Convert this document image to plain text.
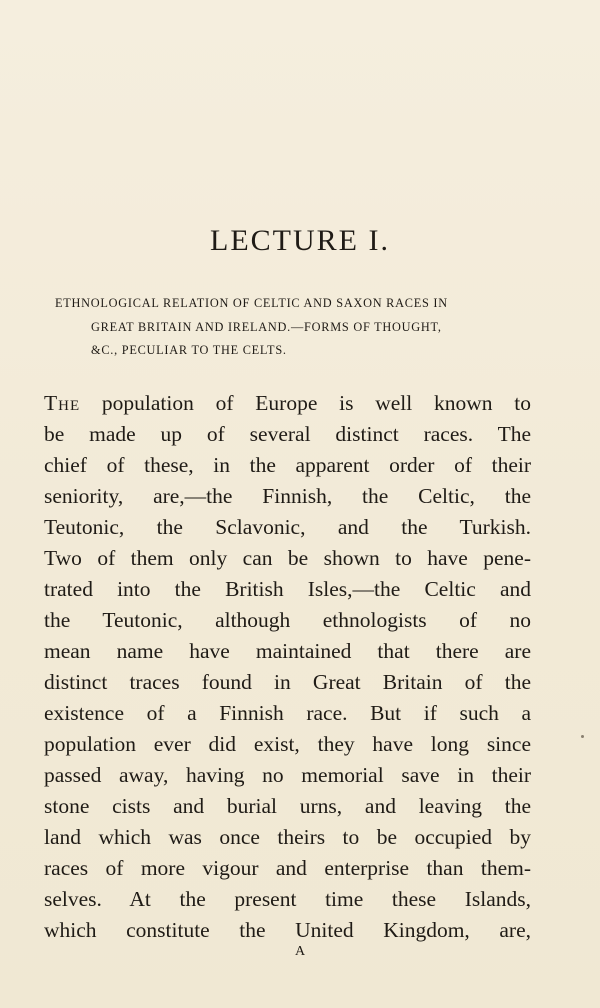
LECTURE I.
ETHNOLOGICAL RELATION OF CELTIC AND SAXON RACES IN
GREAT BRITAIN AND IRELAND.—FORMS OF THOUGHT,
&C., PECULIAR TO THE CELTS.
The population of Europe is well known to
be made up of several distinct races. The
chief of these, in the apparent order of their
seniority, are,—the Finnish, the Celtic, the
Teutonic, the Sclavonic, and the Turkish.
Two of them only can be shown to have pene-
trated into the British Isles,—the Celtic and
the Teutonic, although ethnologists of no
mean name have maintained that there are
distinct traces found in Great Britain of the
existence of a Finnish race. But if such a
population ever did exist, they have long since
passed away, having no memorial save in their
stone cists and burial urns, and leaving the
land which was once theirs to be occupied by
races of more vigour and enterprise than them-
selves. At the present time these Islands,
which constitute the United Kingdom, are,
A
